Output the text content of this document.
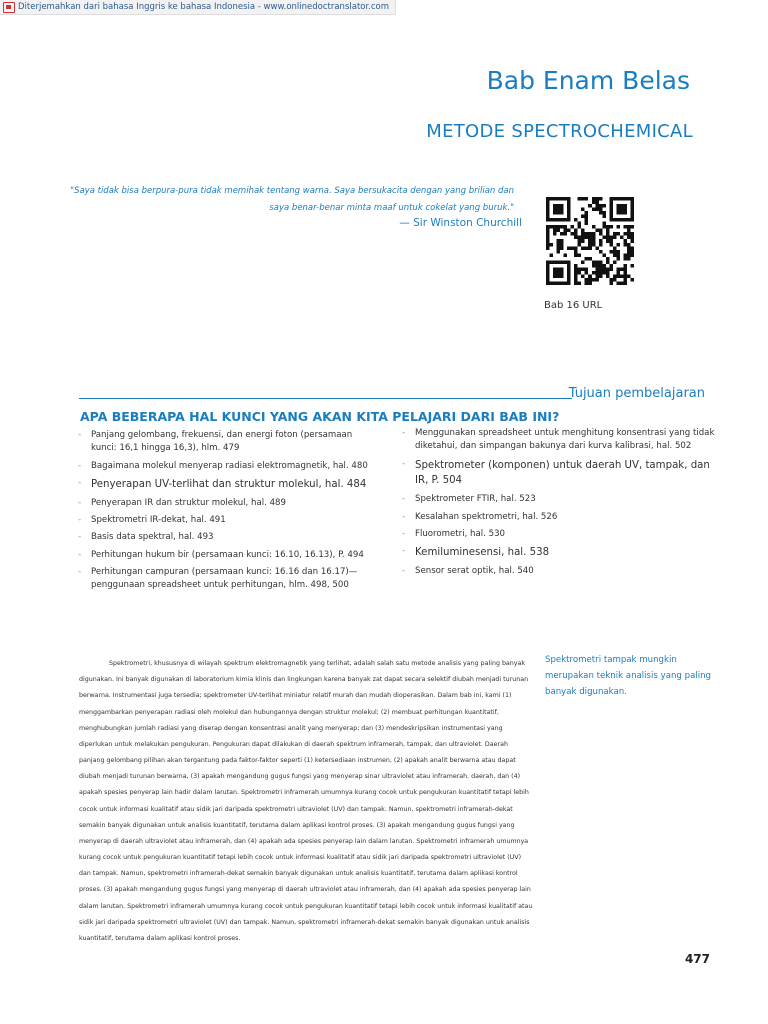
Diterjemahkan dari bahasa Inggris ke bahasa Indonesia - www.onlinedoctranslator.com
Bab Enam Belas
METODE SPECTROCHEMICAL
"Saya tidak bisa berpura-pura tidak memihak tentang warna. Saya bersukacita dengan yang brilian dan
saya benar-benar minta maaf untuk cokelat yang buruk."
— Sir Winston Churchill
Bab 16 URL
Tujuan pembelajaran
APA BEBERAPA HAL KUNCI YANG AKAN KITA PELAJARI DARI BAB INI?
- Panjang gelombang, frekuensi, dan energi foton (persamaan kunci: 16,1 hingga 16,3), hlm. 479
- Bagaimana molekul menyerap radiasi elektromagnetik, hal. 480
- Penyerapan UV-terlihat dan struktur molekul, hal. 484
- Penyerapan IR dan struktur molekul, hal. 489
- Spektrometri IR-dekat, hal. 491
- Basis data spektral, hal. 493
- Perhitungan hukum bir (persamaan kunci: 16.10, 16.13), P. 494
- Perhitungan campuran (persamaan kunci: 16.16 dan 16.17)—penggunaan spreadsheet untuk perhitungan, hlm. 498, 500
- Menggunakan spreadsheet untuk menghitung konsentrasi yang tidak diketahui, dan simpangan bakunya dari kurva kalibrasi, hal. 502
- Spektrometer (komponen) untuk daerah UV, tampak, dan IR, P. 504
- Spektrometer FTIR, hal. 523
- Kesalahan spektrometri, hal. 526
- Fluorometri, hal. 530
- Kemiluminesensi, hal. 538
- Sensor serat optik, hal. 540
Spektrometri tampak mungkin merupakan teknik analisis yang paling banyak digunakan.

Spektrometri, khususnya di wilayah spektrum elektromagnetik yang terlihat, adalah salah satu metode analisis yang paling banyak digunakan. Ini banyak digunakan di laboratorium kimia klinis dan lingkungan karena banyak zat dapat secara selektif diubah menjadi turunan berwarna. Instrumentasi juga tersedia; spektrometer UV-terlihat miniatur relatif murah dan mudah dioperasikan. Dalam bab ini, kami (1) menggambarkan penyerapan radiasi oleh molekul dan hubungannya dengan struktur molekul; (2) membuat perhitungan kuantitatif, menghubungkan jumlah radiasi yang diserap dengan konsentrasi analit yang menyerap; dan (3) mendeskripsikan instrumentasi yang diperlukan untuk melakukan pengukuran. Pengukuran dapat dilakukan di daerah spektrum inframerah, tampak, dan ultraviolet. Daerah panjang gelombang pilihan akan tergantung pada faktor-faktor seperti (1) ketersediaan instrumen, (2) apakah analit berwarna atau dapat diubah menjadi turunan berwarna, (3) apakah mengandung gugus fungsi yang menyerap sinar ultraviolet atau inframerah. daerah, dan (4) apakah spesies penyerap lain hadir dalam larutan. Spektrometri inframerah umumnya kurang cocok untuk pengukuran kuantitatif tetapi lebih cocok untuk informasi kualitatif atau sidik jari daripada spektrometri ultraviolet (UV) dan tampak. Namun, spektrometri inframerah-dekat semakin banyak digunakan untuk analisis kuantitatif, terutama dalam aplikasi kontrol proses. (3) apakah mengandung gugus fungsi yang menyerap di daerah ultraviolet atau inframerah, dan (4) apakah ada spesies penyerap lain dalam larutan. Spektrometri inframerah umumnya kurang cocok untuk pengukuran kuantitatif tetapi lebih cocok untuk informasi kualitatif atau sidik jari daripada spektrometri ultraviolet (UV) dan tampak. Namun, spektrometri inframerah-dekat semakin banyak digunakan untuk analisis kuantitatif, terutama dalam aplikasi kontrol proses. (3) apakah mengandung gugus fungsi yang menyerap di daerah ultraviolet atau inframerah, dan (4) apakah ada spesies penyerap lain dalam larutan. Spektrometri inframerah umumnya kurang cocok untuk pengukuran kuantitatif tetapi lebih cocok untuk informasi kualitatif atau sidik jari daripada spektrometri ultraviolet (UV) dan tampak. Namun, spektrometri inframerah-dekat semakin banyak digunakan untuk analisis kuantitatif, terutama dalam aplikasi kontrol proses.

477
